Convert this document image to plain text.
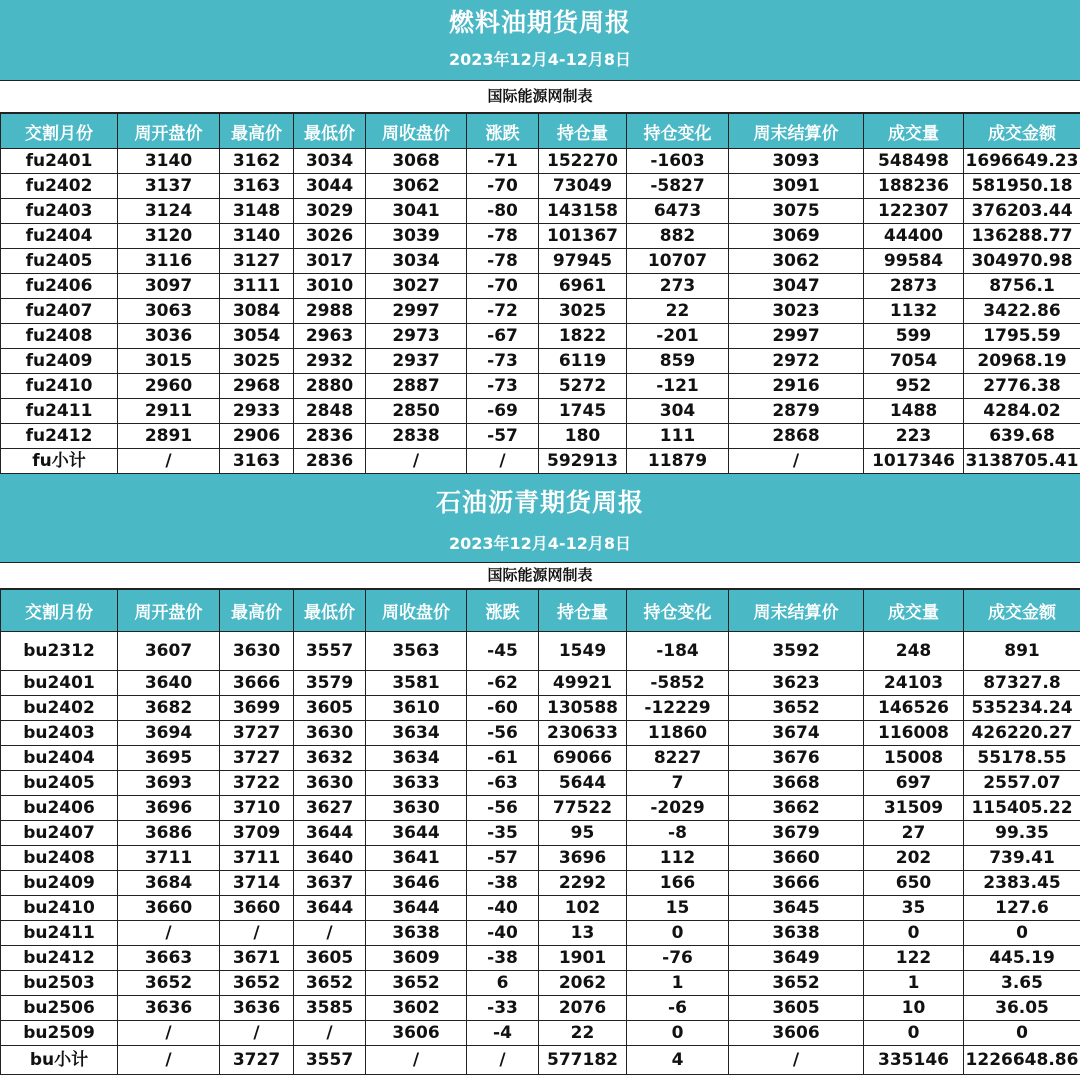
燃料油期货周报
2023年12月4-12月8日
国际能源网制表
交割月份	周开盘价	最高价	最低价	周收盘价	涨跌	持仓量	持仓变化	周末结算价	成交量	成交金额
fu2401	3140	3162	3034	3068	-71	152270	-1603	3093	548498	1696649.23
fu2402	3137	3163	3044	3062	-70	73049	-5827	3091	188236	581950.18
fu2403	3124	3148	3029	3041	-80	143158	6473	3075	122307	376203.44
fu2404	3120	3140	3026	3039	-78	101367	882	3069	44400	136288.77
fu2405	3116	3127	3017	3034	-78	97945	10707	3062	99584	304970.98
fu2406	3097	3111	3010	3027	-70	6961	273	3047	2873	8756.1
fu2407	3063	3084	2988	2997	-72	3025	22	3023	1132	3422.86
fu2408	3036	3054	2963	2973	-67	1822	-201	2997	599	1795.59
fu2409	3015	3025	2932	2937	-73	6119	859	2972	7054	20968.19
fu2410	2960	2968	2880	2887	-73	5272	-121	2916	952	2776.38
fu2411	2911	2933	2848	2850	-69	1745	304	2879	1488	4284.02
fu2412	2891	2906	2836	2838	-57	180	111	2868	223	639.68
fu小计	/	3163	2836	/	/	592913	11879	/	1017346	3138705.41
石油沥青期货周报
2023年12月4-12月8日
国际能源网制表
交割月份	周开盘价	最高价	最低价	周收盘价	涨跌	持仓量	持仓变化	周末结算价	成交量	成交金额
bu2312	3607	3630	3557	3563	-45	1549	-184	3592	248	891
bu2401	3640	3666	3579	3581	-62	49921	-5852	3623	24103	87327.8
bu2402	3682	3699	3605	3610	-60	130588	-12229	3652	146526	535234.24
bu2403	3694	3727	3630	3634	-56	230633	11860	3674	116008	426220.27
bu2404	3695	3727	3632	3634	-61	69066	8227	3676	15008	55178.55
bu2405	3693	3722	3630	3633	-63	5644	7	3668	697	2557.07
bu2406	3696	3710	3627	3630	-56	77522	-2029	3662	31509	115405.22
bu2407	3686	3709	3644	3644	-35	95	-8	3679	27	99.35
bu2408	3711	3711	3640	3641	-57	3696	112	3660	202	739.41
bu2409	3684	3714	3637	3646	-38	2292	166	3666	650	2383.45
bu2410	3660	3660	3644	3644	-40	102	15	3645	35	127.6
bu2411	/	/	/	3638	-40	13	0	3638	0	0
bu2412	3663	3671	3605	3609	-38	1901	-76	3649	122	445.19
bu2503	3652	3652	3652	3652	6	2062	1	3652	1	3.65
bu2506	3636	3636	3585	3602	-33	2076	-6	3605	10	36.05
bu2509	/	/	/	3606	-4	22	0	3606	0	0
bu小计	/	3727	3557	/	/	577182	4	/	335146	1226648.86
